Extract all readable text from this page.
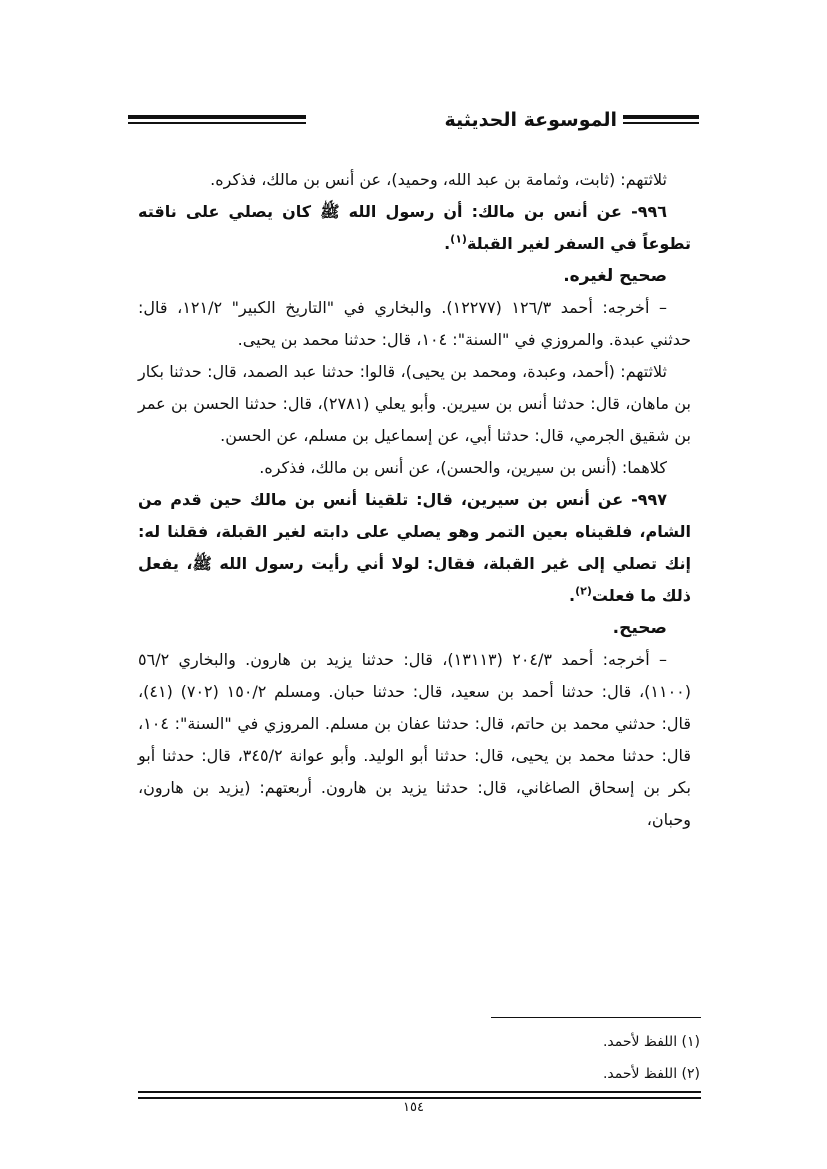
الموسوعة الحديثية

ثلاثتهم: (ثابت، وثمامة بن عبد الله، وحميد)، عن أنس بن مالك، فذكره.

٩٩٦- عن أنس بن مالك: أن رسول الله ﷺ كان يصلي على ناقته تطوعاً في السفر لغير القبلة$^{(١)}$.

صحيح لغيره.

– أخرجه: أحمد ١٢٦/٣ (١٢٢٧٧). والبخاري في "التاريخ الكبير" ١٢١/٢، قال: حدثني عبدة. والمروزي في "السنة": ١٠٤، قال: حدثنا محمد بن يحيى.

ثلاثتهم: (أحمد، وعبدة، ومحمد بن يحيى)، قالوا: حدثنا عبد الصمد، قال: حدثنا بكار بن ماهان، قال: حدثنا أنس بن سيرين. وأبو يعلي (٢٧٨١)، قال: حدثنا الحسن بن عمر بن شقيق الجرمي، قال: حدثنا أبي، عن إسماعيل بن مسلم، عن الحسن.

كلاهما: (أنس بن سيرين، والحسن)، عن أنس بن مالك، فذكره.

٩٩٧- عن أنس بن سيرين، قال: تلقينا أنس بن مالك حين قدم من الشام، فلقيناه بعين التمر وهو يصلي على دابته لغير القبلة، فقلنا له: إنك تصلي إلى غير القبلة، فقال: لولا أني رأيت رسول الله ﷺ، يفعل ذلك ما فعلت$^{(٢)}$.

صحيح.

– أخرجه: أحمد ٢٠٤/٣ (١٣١١٣)، قال: حدثنا يزيد بن هارون. والبخاري ٥٦/٢ (١١٠٠)، قال: حدثنا أحمد بن سعيد، قال: حدثنا حبان. ومسلم ١٥٠/٢ (٧٠٢) (٤١)، قال: حدثني محمد بن حاتم، قال: حدثنا عفان بن مسلم. المروزي في "السنة": ١٠٤، قال: حدثنا محمد بن يحيى، قال: حدثنا أبو الوليد. وأبو عوانة ٣٤٥/٢، قال: حدثنا أبو بكر بن إسحاق الصاغاني، قال: حدثنا يزيد بن هارون. أربعتهم: (يزيد بن هارون، وحبان،

(١) اللفظ لأحمد.
(٢) اللفظ لأحمد.
١٥٤
